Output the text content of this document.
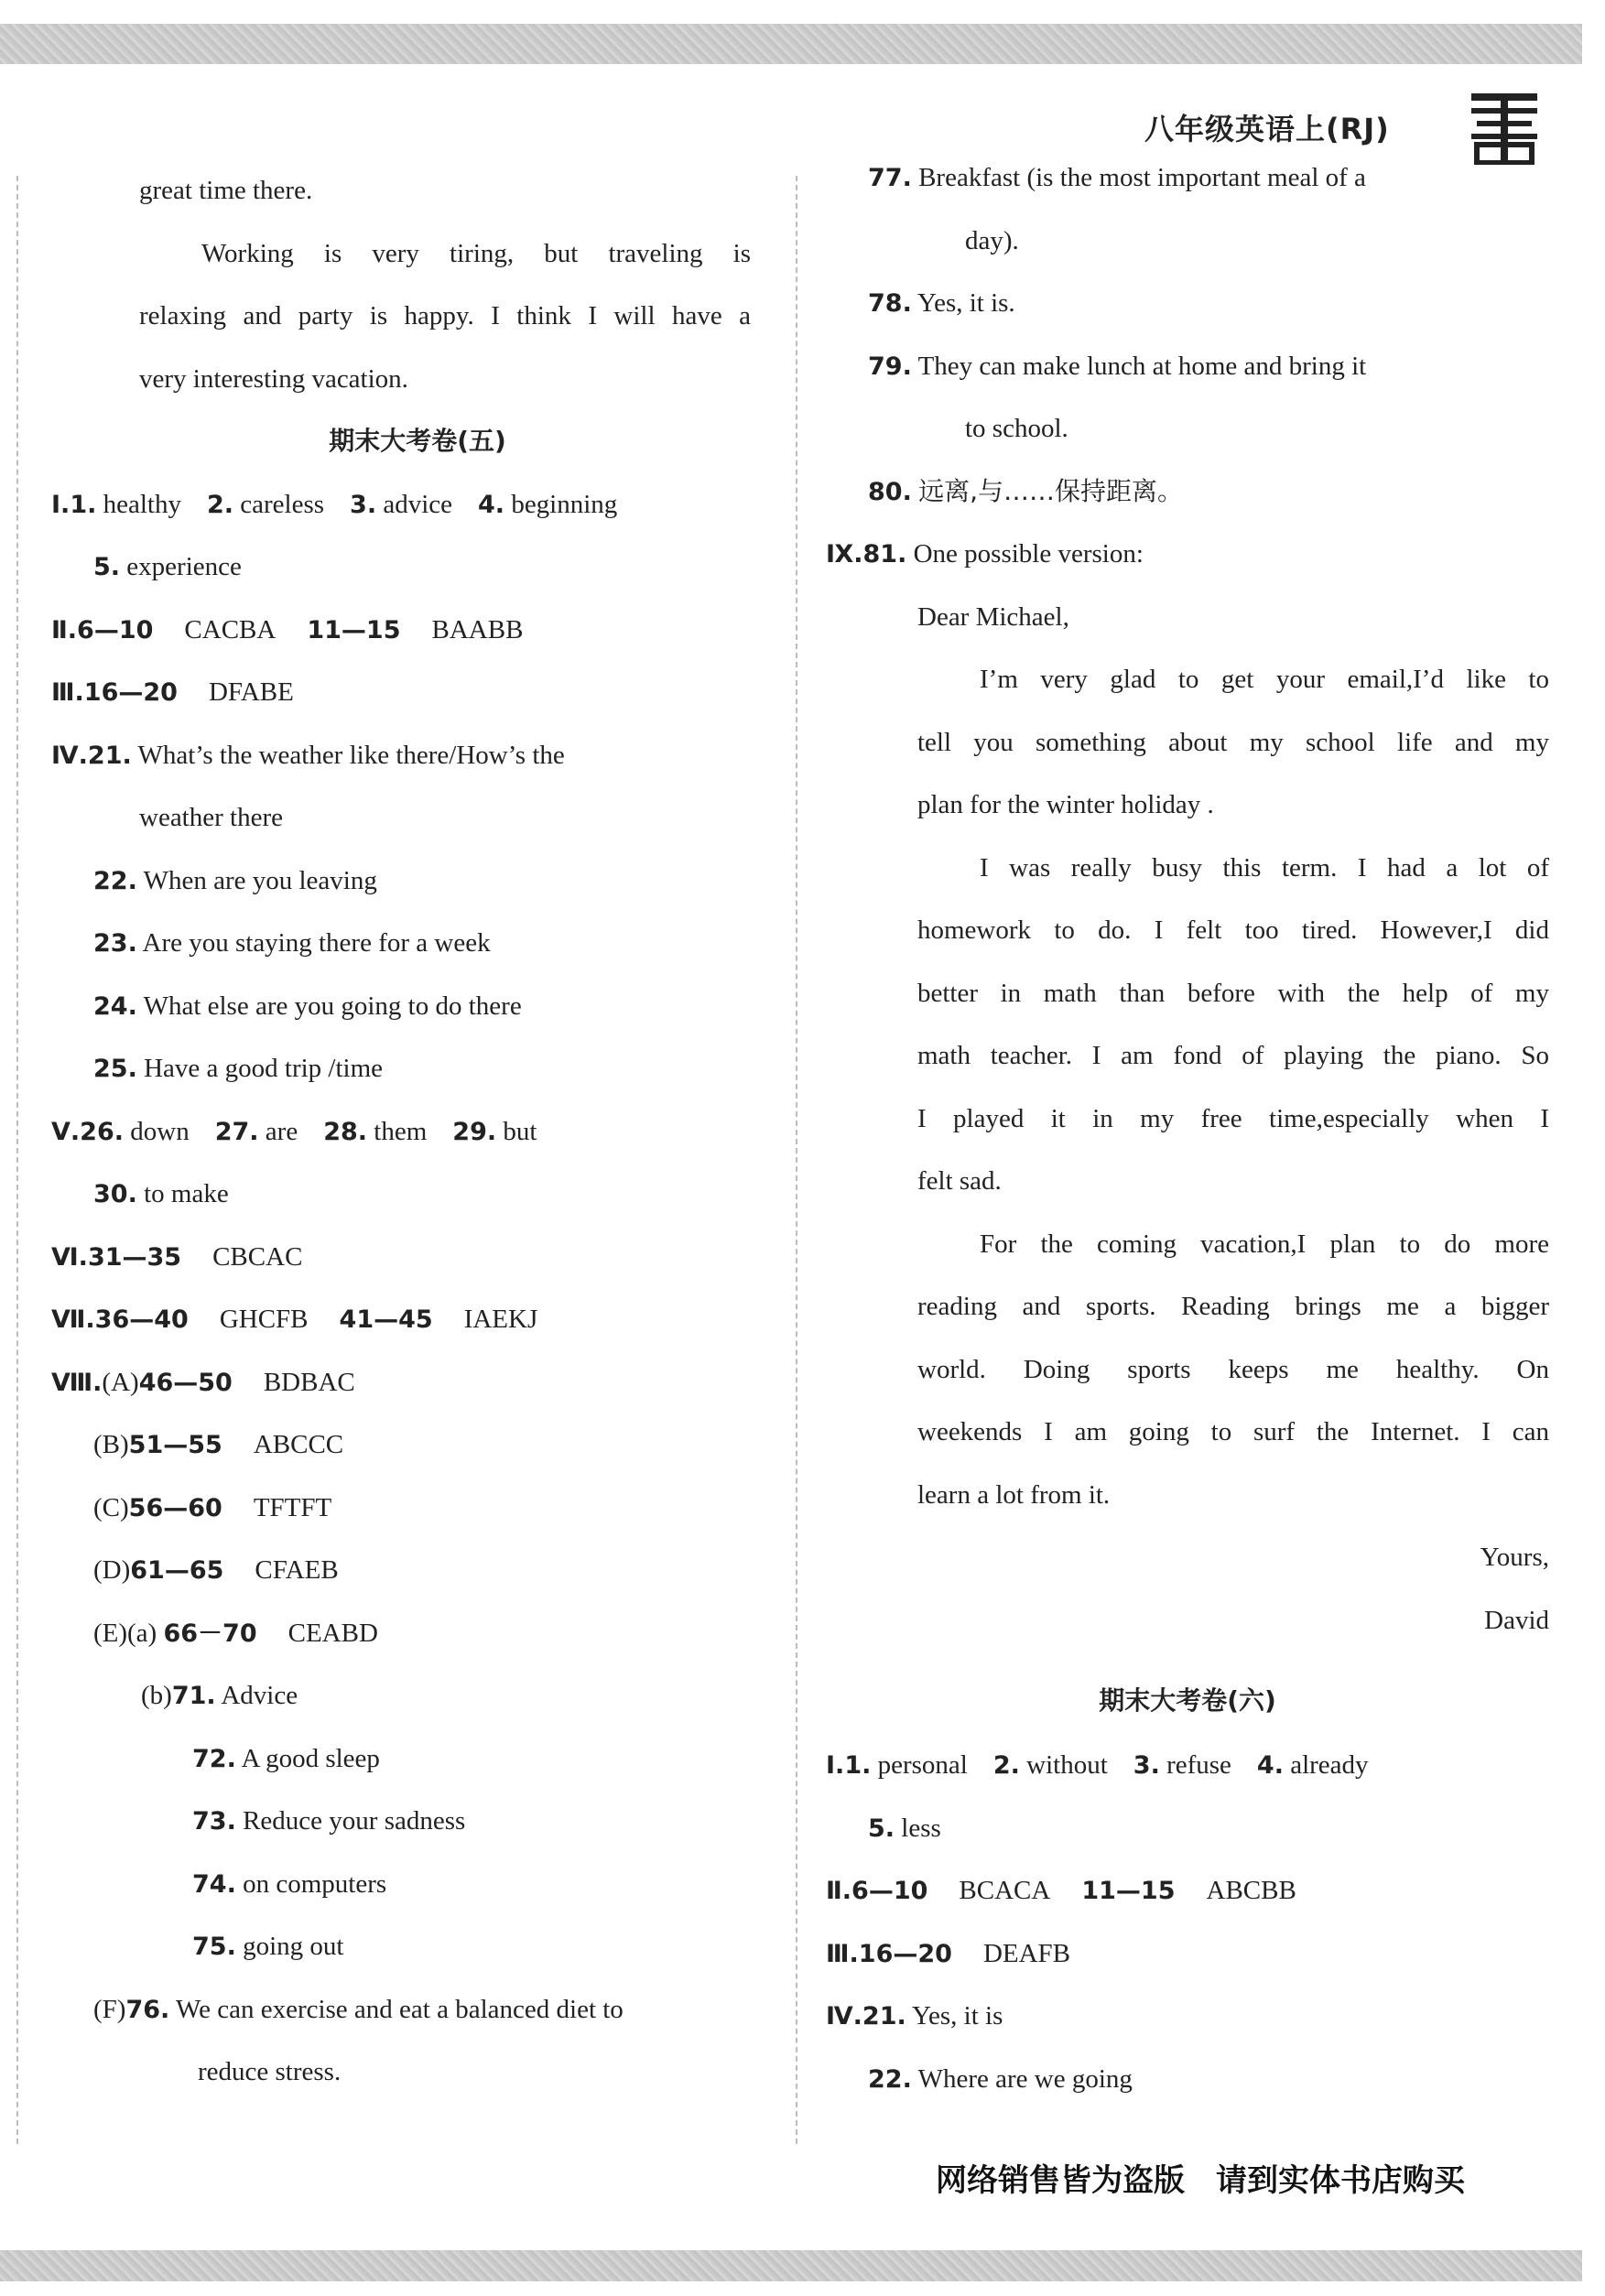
八年级英语上(RJ)
great time there.
Working is very tiring, but traveling is
relaxing and party is happy. I think I will have a
very interesting vacation.
期末大考卷(五)
Ⅰ.1. healthy 2. careless 3. advice 4. beginning
5. experience
Ⅱ.6—10 CACBA 11—15 BAABB
Ⅲ.16—20 DFABE
Ⅳ.21. What’s the weather like there/How’s the
weather there
22. When are you leaving
23. Are you staying there for a week
24. What else are you going to do there
25. Have a good trip /time
Ⅴ.26. down 27. are 28. them 29. but
30. to make
Ⅵ.31—35 CBCAC
Ⅶ.36—40 GHCFB 41—45 IAEKJ
Ⅷ.(A)46—50 BDBAC
(B)51—55 ABCCC
(C)56—60 TFTFT
(D)61—65 CFAEB
(E)(a) 66－70 CEABD
(b)71. Advice
72. A good sleep
73. Reduce your sadness
74. on computers
75. going out
(F)76. We can exercise and eat a balanced diet to
reduce stress.
77. Breakfast (is the most important meal of a
day).
78. Yes, it is.
79. They can make lunch at home and bring it
to school.
80. 远离,与……保持距离。
Ⅸ.81. One possible version:
Dear Michael,
I’m very glad to get your email,I’d like to
tell you something about my school life and my
plan for the winter holiday .
I was really busy this term. I had a lot of
homework to do. I felt too tired. However,I did
better in math than before with the help of my
math teacher. I am fond of playing the piano. So
I played it in my free time,especially when I
felt sad.
For the coming vacation,I plan to do more
reading and sports. Reading brings me a bigger
world. Doing sports keeps me healthy. On
weekends I am going to surf the Internet. I can
learn a lot from it.
Yours,
David
期末大考卷(六)
Ⅰ.1. personal 2. without 3. refuse 4. already
5. less
Ⅱ.6—10 BCACA 11—15 ABCBB
Ⅲ.16—20 DEAFB
Ⅳ.21. Yes, it is
22. Where are we going
网络销售皆为盗版　请到实体书店购买
